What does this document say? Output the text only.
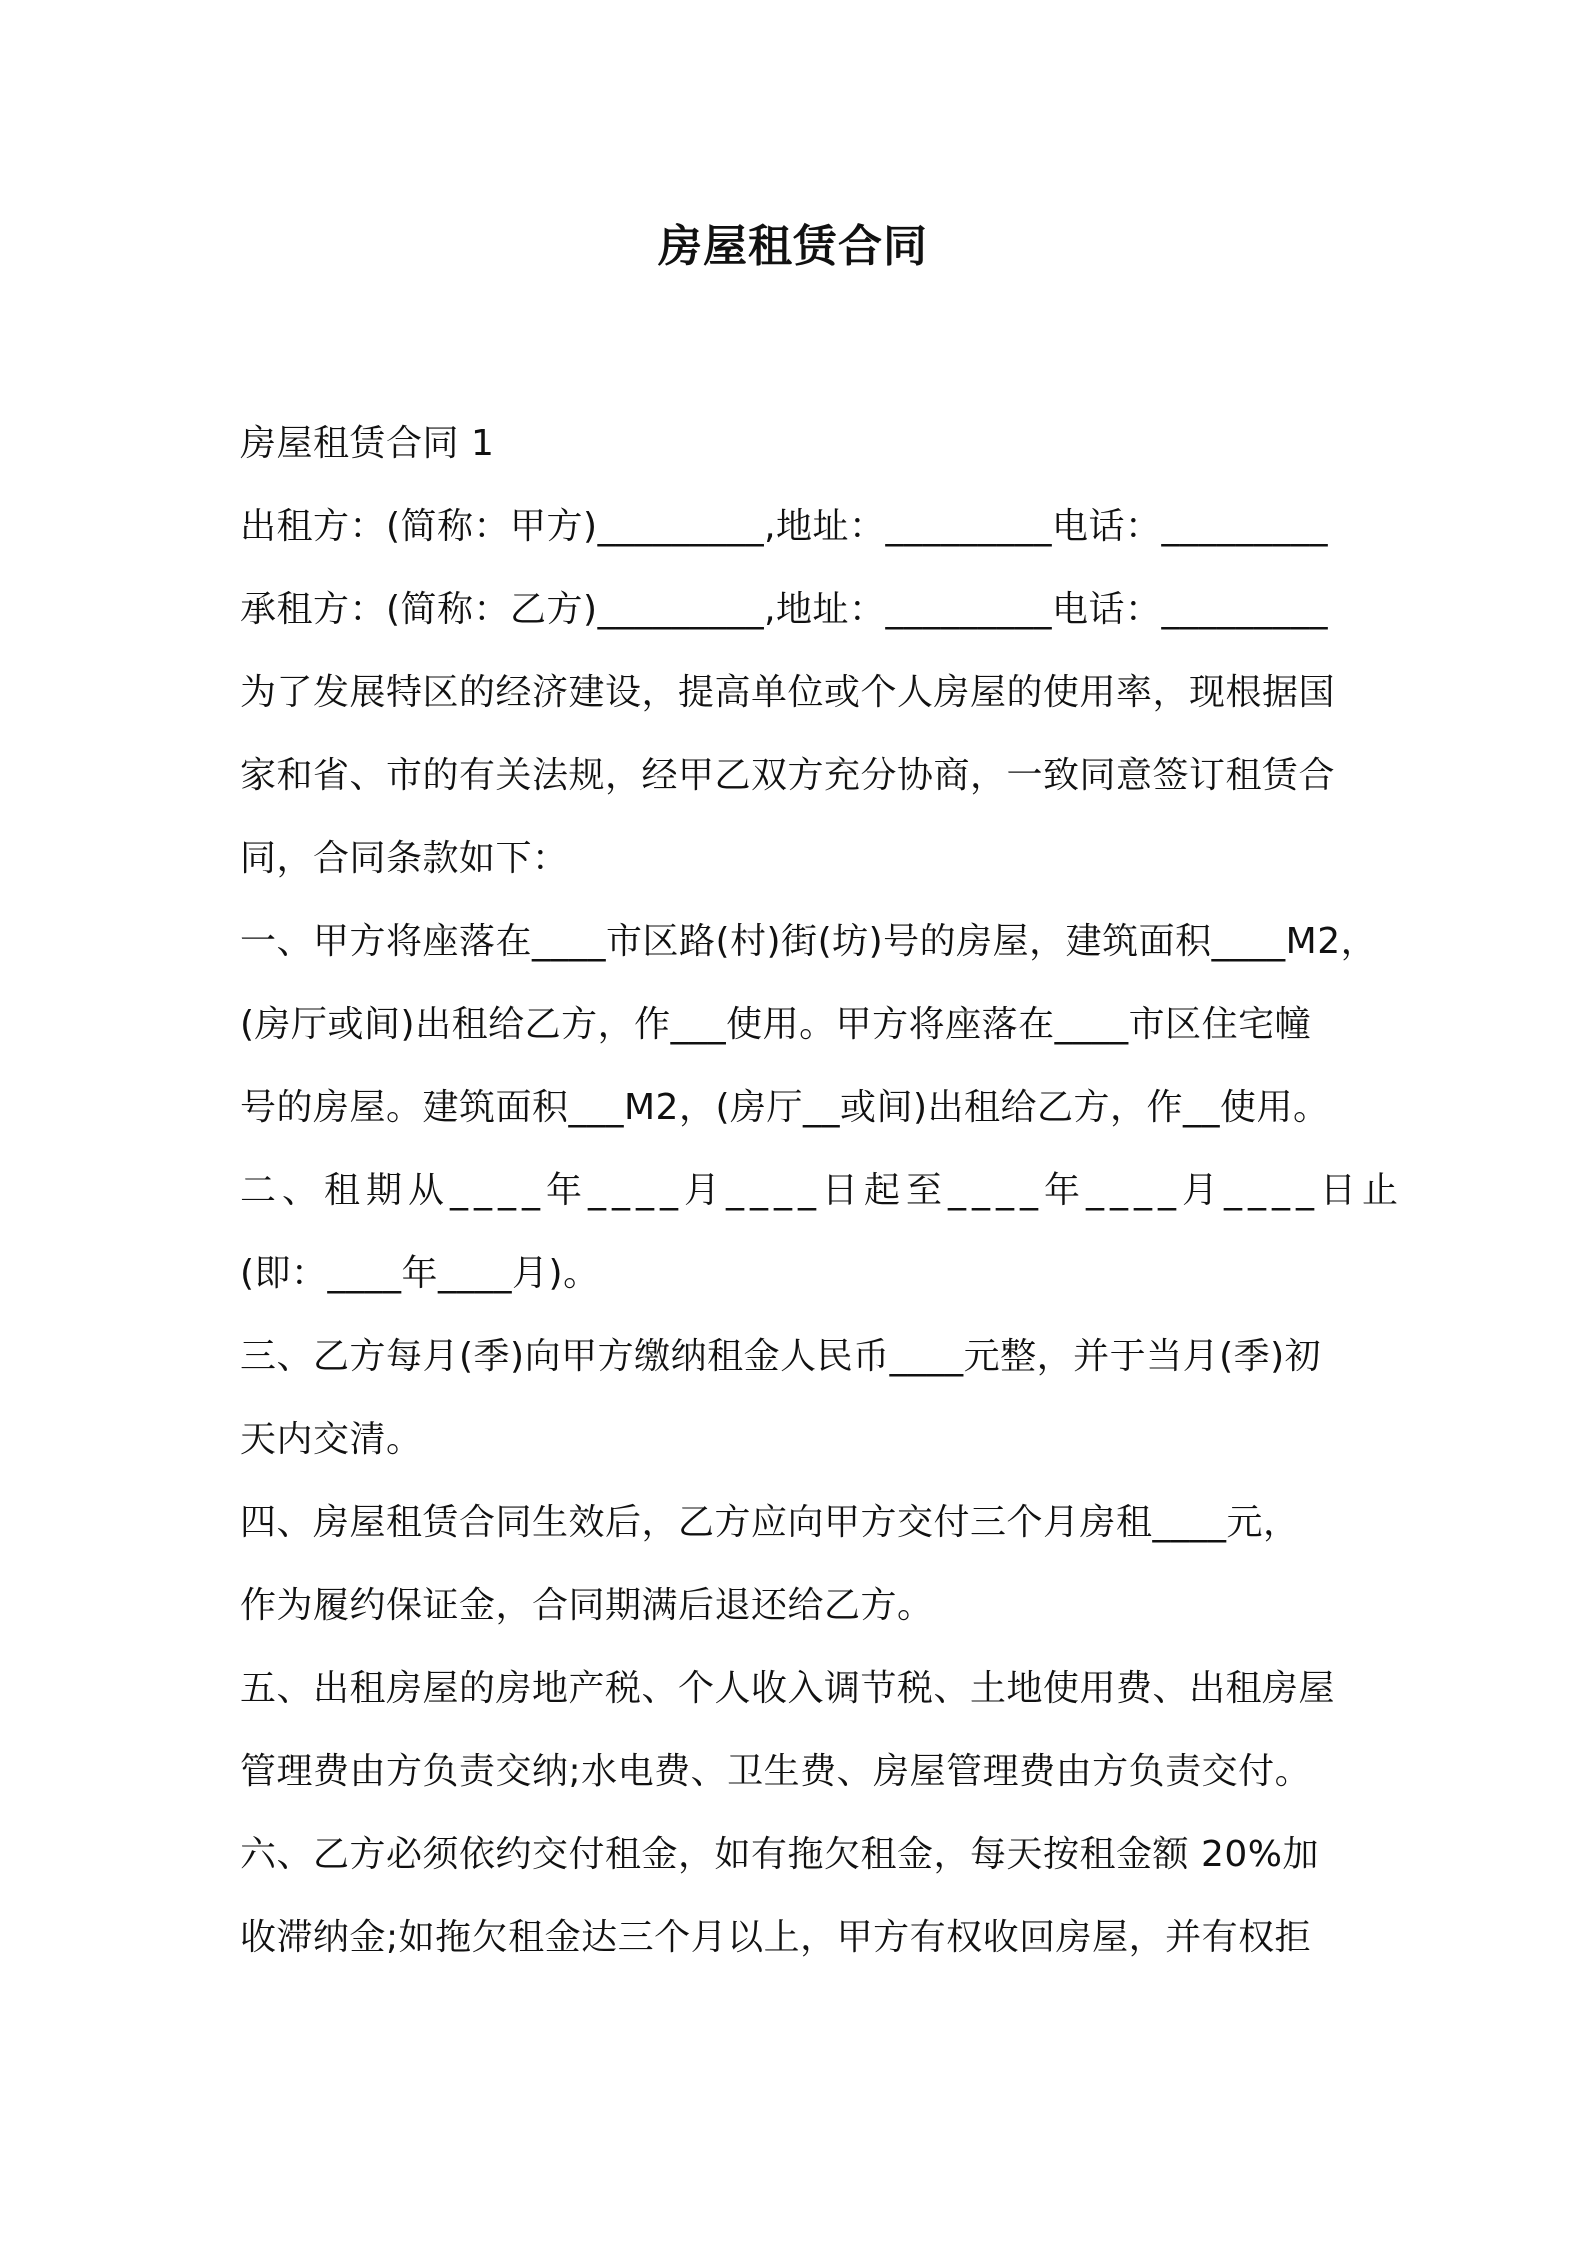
房屋租赁合同
房屋租赁合同 1
出租方：(简称：甲方)_________,地址：_________电话：_________
承租方：(简称：乙方)_________,地址：_________电话：_________
为了发展特区的经济建设，提高单位或个人房屋的使用率，现根据国
家和省、市的有关法规，经甲乙双方充分协商，一致同意签订租赁合
同，合同条款如下：
一、甲方将座落在____市区路(村)街(坊)号的房屋，建筑面积____M2，
(房厅或间)出租给乙方，作___使用。甲方将座落在____市区住宅幢
号的房屋。建筑面积___M2，(房厅__或间)出租给乙方，作__使用。
二、租期从____年____月____日起至____年____月____日止
(即：____年____月)。
三、乙方每月(季)向甲方缴纳租金人民币____元整，并于当月(季)初
天内交清。
四、房屋租赁合同生效后，乙方应向甲方交付三个月房租____元，
作为履约保证金，合同期满后退还给乙方。
五、出租房屋的房地产税、个人收入调节税、土地使用费、出租房屋
管理费由方负责交纳;水电费、卫生费、房屋管理费由方负责交付。
六、乙方必须依约交付租金，如有拖欠租金，每天按租金额 20%加
收滞纳金;如拖欠租金达三个月以上，甲方有权收回房屋，并有权拒
